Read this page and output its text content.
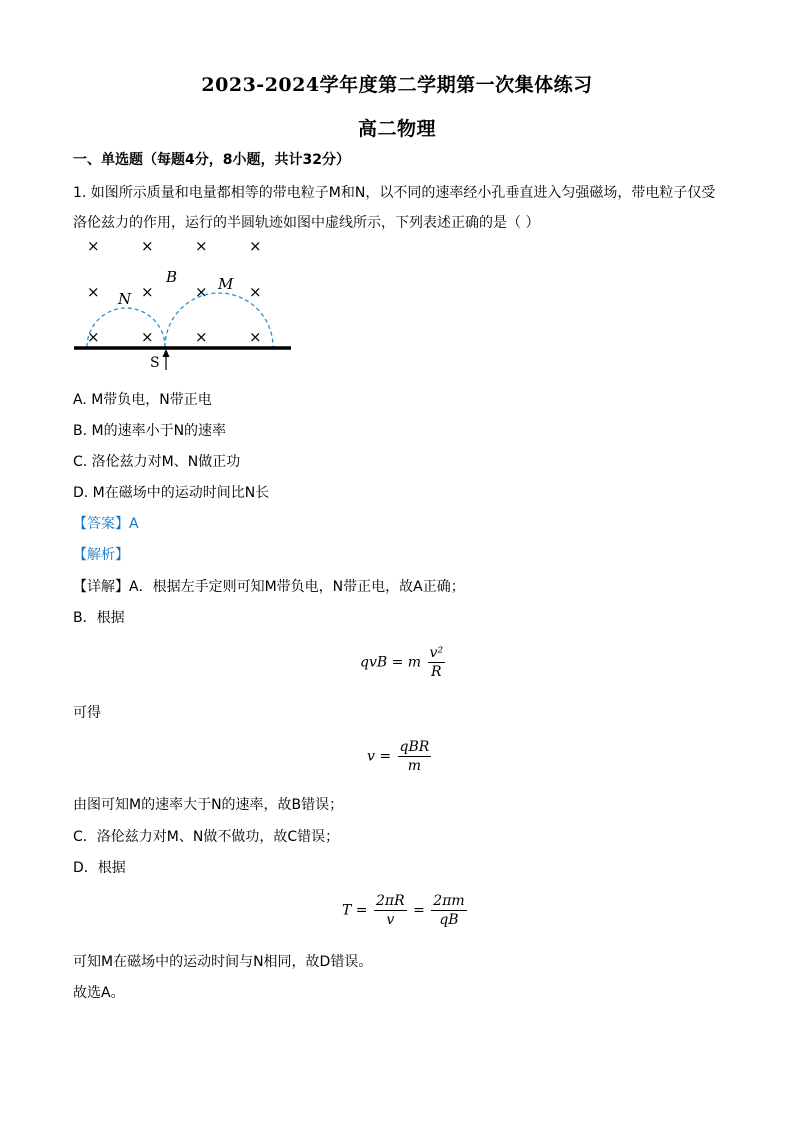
2023-2024学年度第二学期第一次集体练习
高二物理
一、单选题（每题4分，8小题，共计32分）
1. 如图所示质量和电量都相等的带电粒子M和N，以不同的速率经小孔垂直进入匀强磁场，带电粒子仅受
洛伦兹力的作用，运行的半圆轨迹如图中虚线所示，下列表述正确的是（ ）
×	×	×	×
×	×	×	×
×	×	×	×
B	M
N
S
A. M带负电，N带正电
B. M的速率小于N的速率
C. 洛伦兹力对M、N做正功
D. M在磁场中的运动时间比N长
【答案】A
【解析】
【详解】A．根据左手定则可知M带负电，N带正电，故A正确；
B．根据
qvB = m $\frac{\text{v²}}{R}$
可得
$v = \frac{\text{qBR}}{m}$
由图可知M的速率大于N的速率，故B错误；
C．洛伦兹力对M、N做不做功，故C错误；
D．根据
$T = \frac{2\pi R}{v} = \frac{2\pi m}{qB}$
可知M在磁场中的运动时间与N相同，故D错误。
故选A。
